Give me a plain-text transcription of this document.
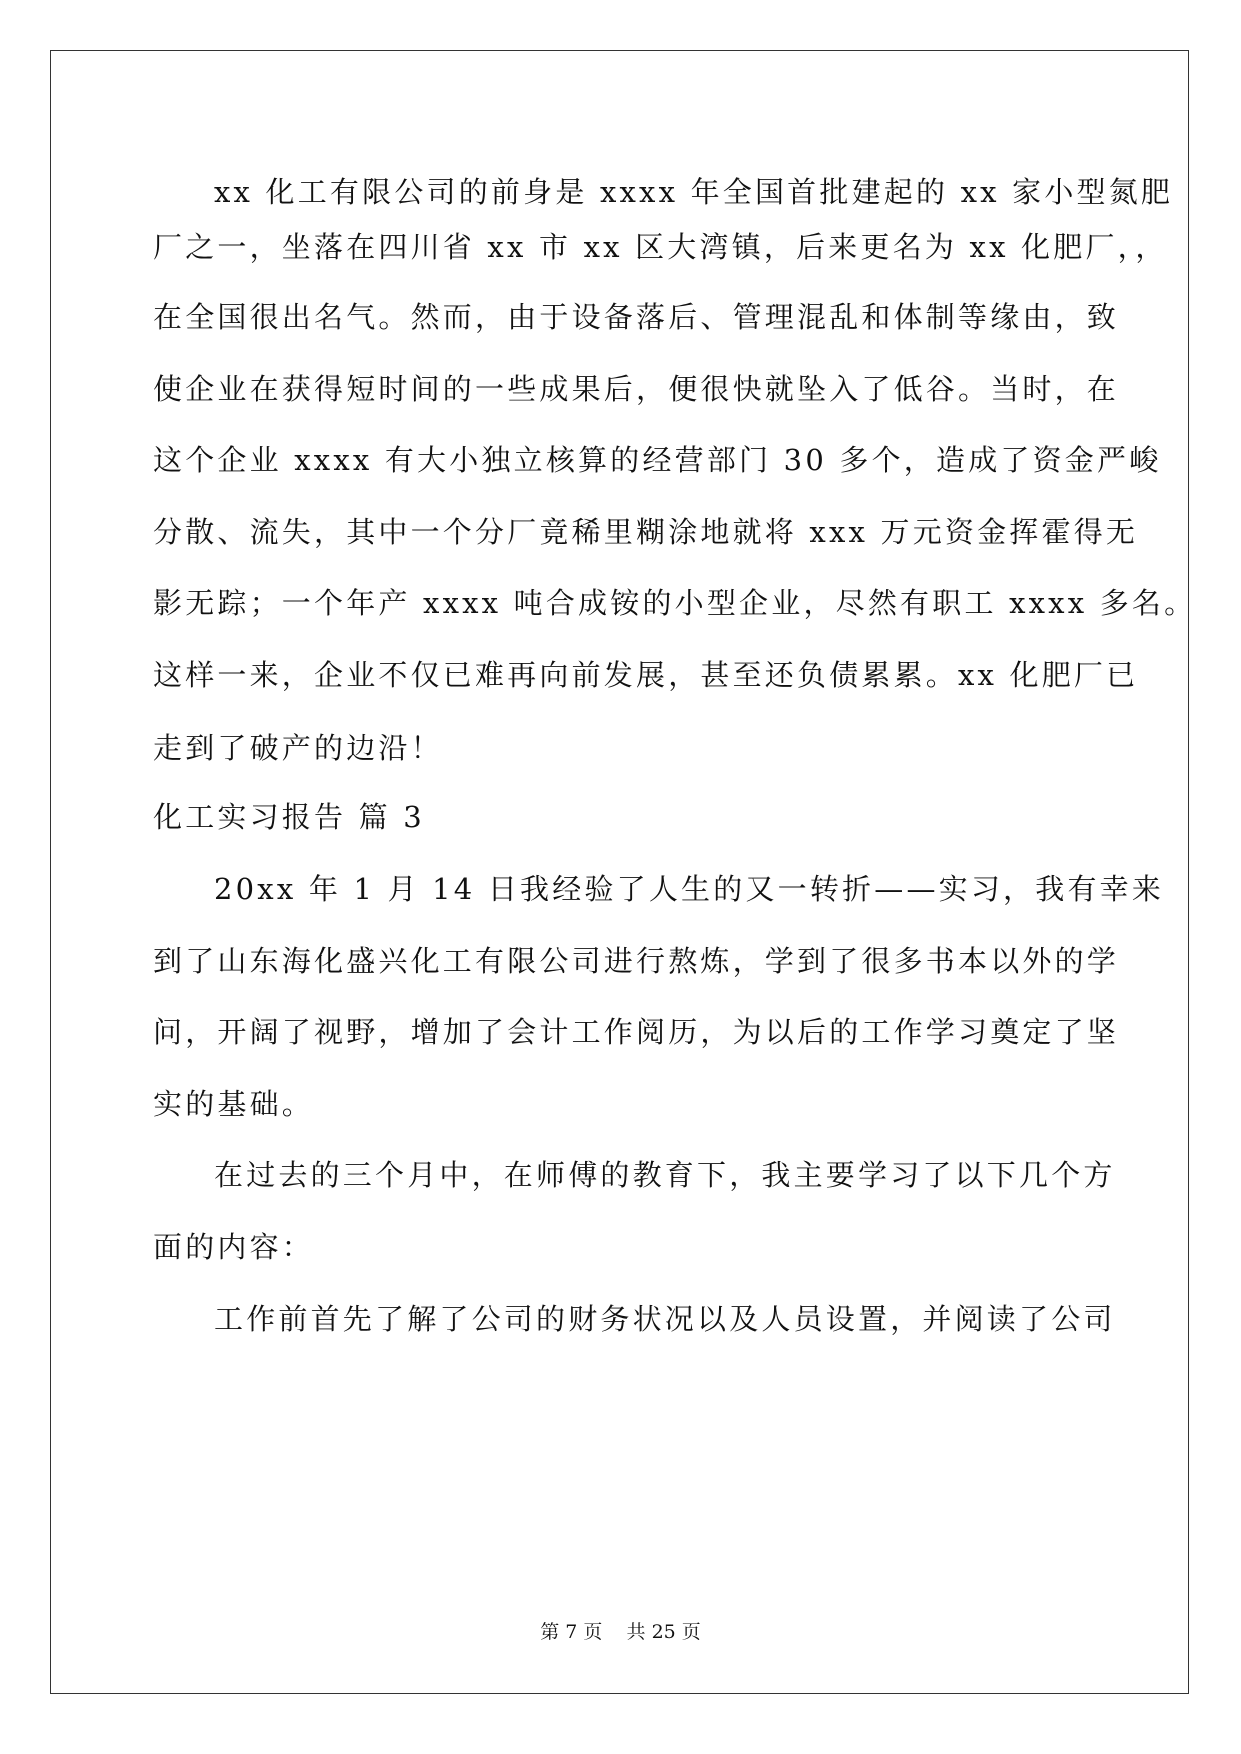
xx 化工有限公司的前身是 xxxx 年全国首批建起的 xx 家小型氮肥
厂之一，坐落在四川省 xx 市 xx 区大湾镇，后来更名为 xx 化肥厂，，
在全国很出名气。然而，由于设备落后、管理混乱和体制等缘由，致
使企业在获得短时间的一些成果后，便很快就坠入了低谷。当时，在
这个企业 xxxx 有大小独立核算的经营部门 30 多个，造成了资金严峻
分散、流失，其中一个分厂竟稀里糊涂地就将 xxx 万元资金挥霍得无
影无踪；一个年产 xxxx 吨合成铵的小型企业，尽然有职工 xxxx 多名。
这样一来，企业不仅已难再向前发展，甚至还负债累累。xx 化肥厂已
走到了破产的边沿！
化工实习报告 篇 3
20xx 年 1 月 14 日我经验了人生的又一转折——实习，我有幸来
到了山东海化盛兴化工有限公司进行熬炼，学到了很多书本以外的学
问，开阔了视野，增加了会计工作阅历，为以后的工作学习奠定了坚
实的基础。
在过去的三个月中，在师傅的教育下，我主要学习了以下几个方
面的内容：
工作前首先了解了公司的财务状况以及人员设置，并阅读了公司
第 7 页    共 25 页
